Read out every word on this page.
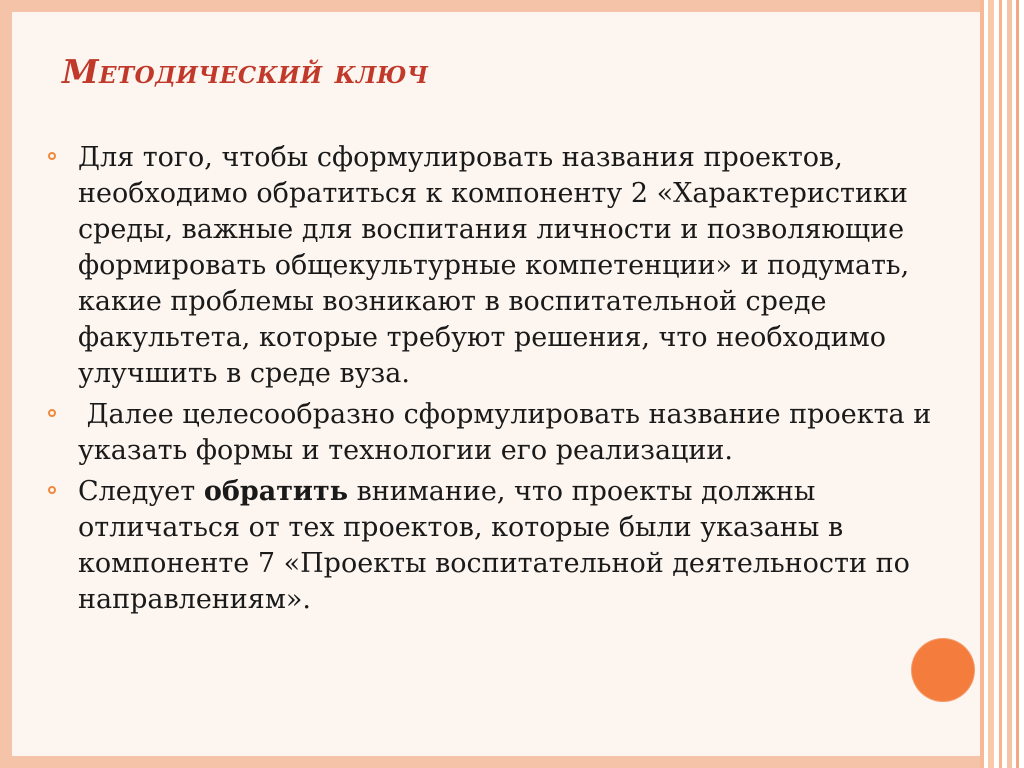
Методический ключ
Для того, чтобы сформулировать названия проектов, необходимо обратиться к компоненту 2 «Характеристики среды, важные для воспитания личности и позволяющие формировать общекультурные компетенции» и подумать, какие проблемы возникают в воспитательной среде факультета, которые требуют решения, что необходимо улучшить в среде вуза.
Далее целесообразно сформулировать название проекта и указать формы и технологии его реализации.
Следует обратить внимание, что проекты должны отличаться от тех проектов, которые были указаны в компоненте 7 «Проекты воспитательной деятельности по направлениям».
